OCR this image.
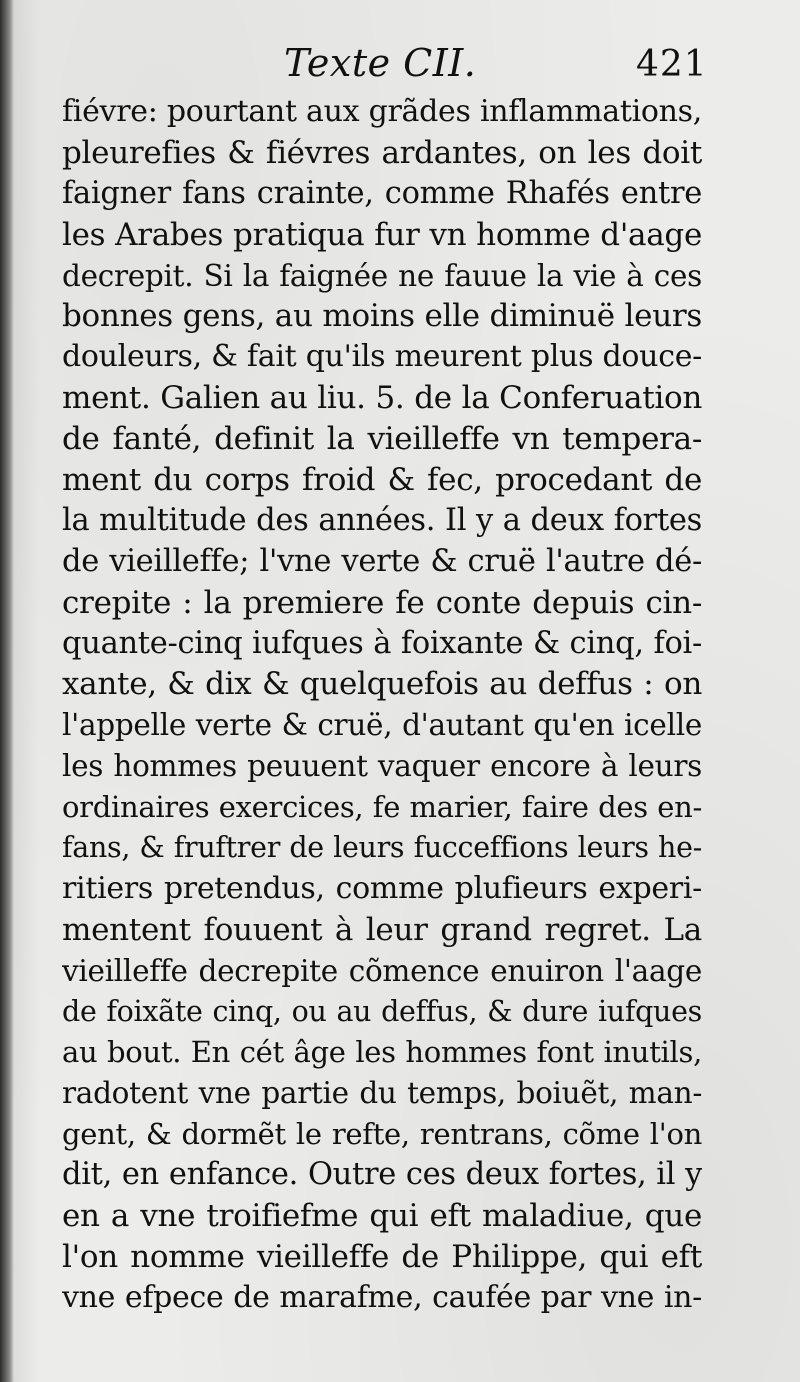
Texte CII.	421
fiévre: pourtant aux grãdes inflammations,
pleurefies & fiévres ardantes, on les doit
faigner fans crainte, comme Rhafés entre
les Arabes pratiqua fur vn homme d'aage
decrepit. Si la faignée ne fauue la vie à ces
bonnes gens, au moins elle diminuë leurs
douleurs, & fait qu'ils meurent plus douce-
ment. Galien au liu. 5. de la Conferuation
de fanté, definit la vieilleffe vn tempera-
ment du corps froid & fec, procedant de
la multitude des années. Il y a deux fortes
de vieilleffe; l'vne verte & cruë l'autre dé-
crepite : la premiere fe conte depuis cin-
quante-cinq iufques à foixante & cinq, foi-
xante, & dix & quelquefois au deffus : on
l'appelle verte & cruë, d'autant qu'en icelle
les hommes peuuent vaquer encore à leurs
ordinaires exercices, fe marier, faire des en-
fans, & fruftrer de leurs fucceffions leurs he-
ritiers pretendus, comme plufieurs experi-
mentent fouuent à leur grand regret. La
vieilleffe decrepite cõmence enuiron l'aage
de foixãte cinq, ou au deffus, & dure iufques
au bout. En cét âge les hommes font inutils,
radotent vne partie du temps, boiuẽt, man-
gent, & dormẽt le refte, rentrans, cõme l'on
dit, en enfance. Outre ces deux fortes, il y
en a vne troifiefme qui eft maladiue, que
l'on nomme vieilleffe de Philippe, qui eft
vne efpece de marafme, caufée par vne in-
